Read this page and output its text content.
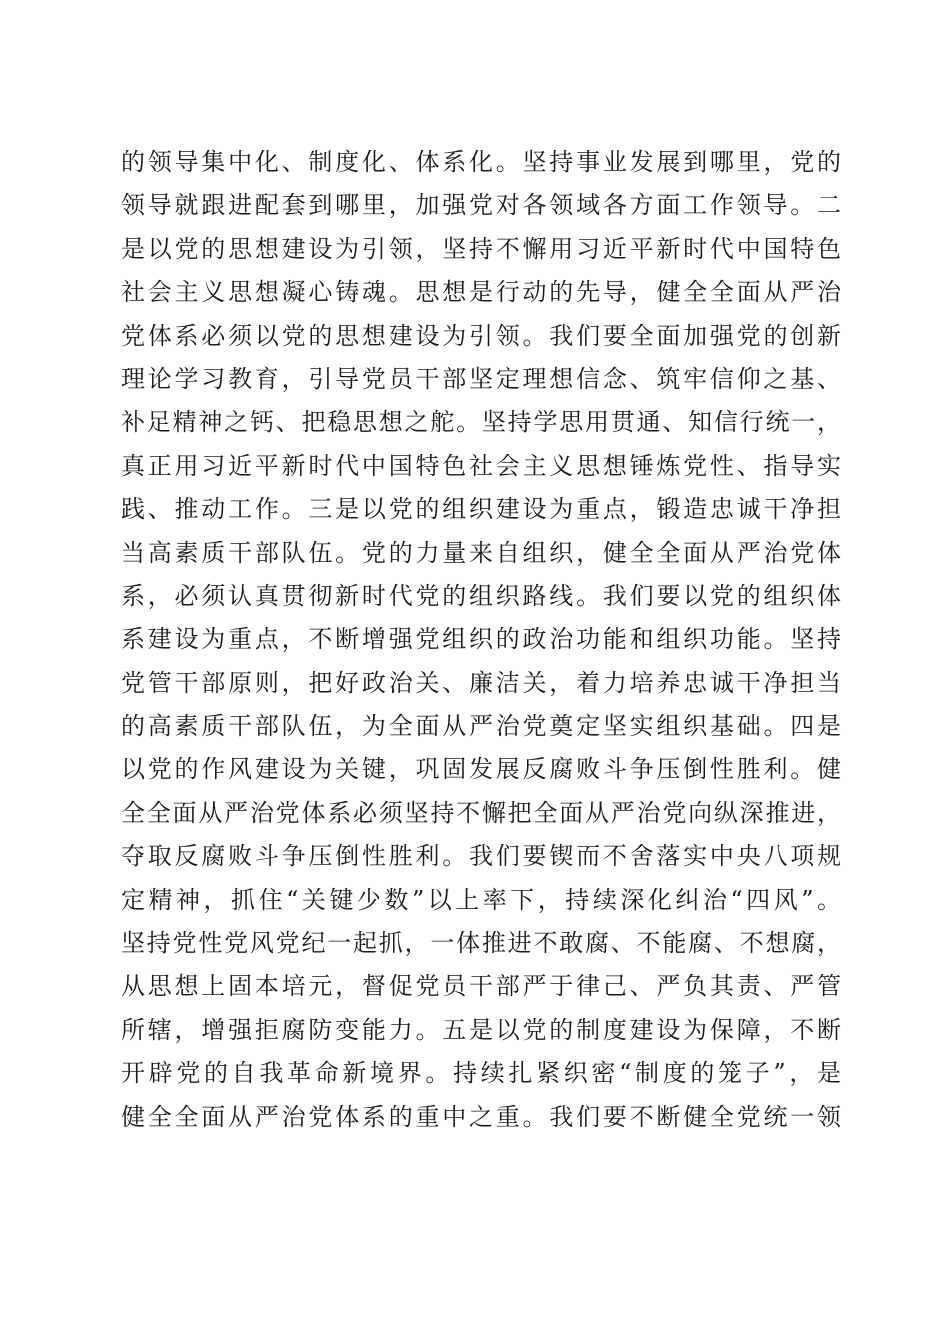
的领导集中化、制度化、体系化。坚持事业发展到哪里，党的
领导就跟进配套到哪里，加强党对各领域各方面工作领导。二
是以党的思想建设为引领，坚持不懈用习近平新时代中国特色
社会主义思想凝心铸魂。思想是行动的先导，健全全面从严治
党体系必须以党的思想建设为引领。我们要全面加强党的创新
理论学习教育，引导党员干部坚定理想信念、筑牢信仰之基、
补足精神之钙、把稳思想之舵。坚持学思用贯通、知信行统一，
真正用习近平新时代中国特色社会主义思想锤炼党性、指导实
践、推动工作。三是以党的组织建设为重点，锻造忠诚干净担
当高素质干部队伍。党的力量来自组织，健全全面从严治党体
系，必须认真贯彻新时代党的组织路线。我们要以党的组织体
系建设为重点，不断增强党组织的政治功能和组织功能。坚持
党管干部原则，把好政治关、廉洁关，着力培养忠诚干净担当
的高素质干部队伍，为全面从严治党奠定坚实组织基础。四是
以党的作风建设为关键，巩固发展反腐败斗争压倒性胜利。健
全全面从严治党体系必须坚持不懈把全面从严治党向纵深推进，
夺取反腐败斗争压倒性胜利。我们要锲而不舍落实中央八项规
定精神，抓住“关键少数”以上率下，持续深化纠治“四风”。
坚持党性党风党纪一起抓，一体推进不敢腐、不能腐、不想腐，
从思想上固本培元，督促党员干部严于律己、严负其责、严管
所辖，增强拒腐防变能力。五是以党的制度建设为保障，不断
开辟党的自我革命新境界。持续扎紧织密“制度的笼子”，是
健全全面从严治党体系的重中之重。我们要不断健全党统一领
